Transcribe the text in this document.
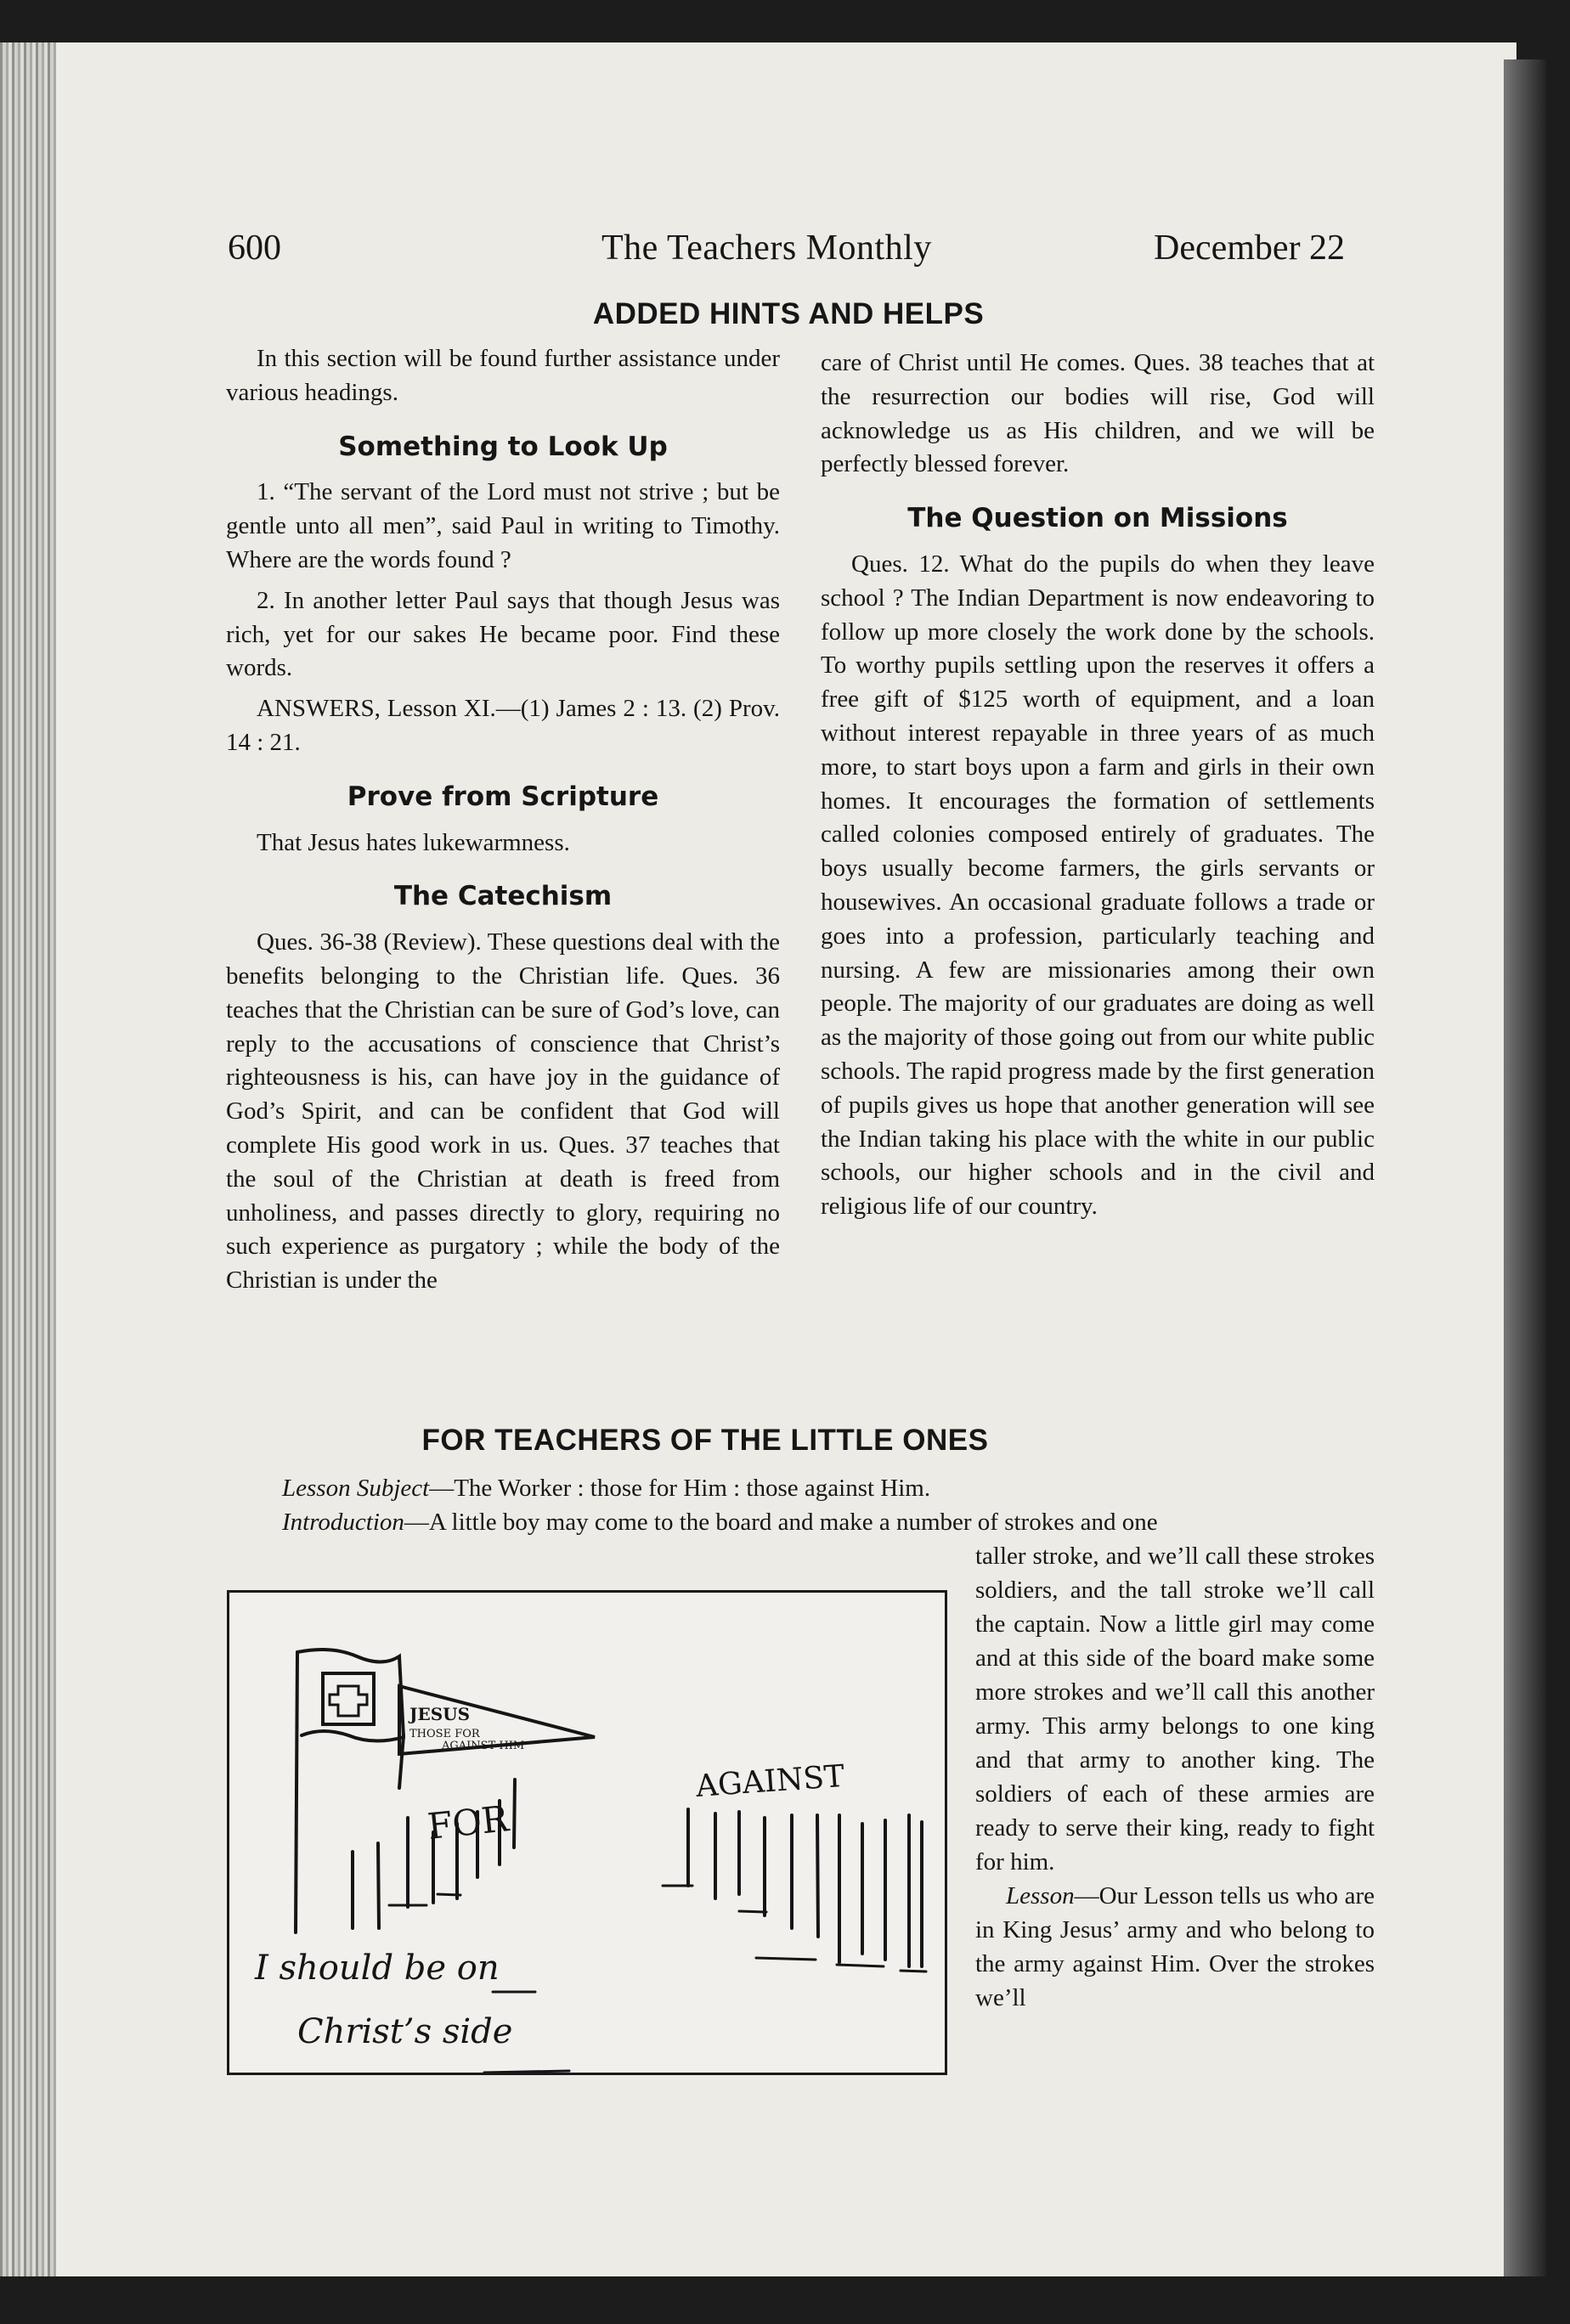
600	The Teachers Monthly	December 22
ADDED HINTS AND HELPS

In this section will be found further assistance under various headings.

Something to Look Up

1. “The servant of the Lord must not strive ; but be gentle unto all men”, said Paul in writing to Timothy. Where are the words found ?

2. In another letter Paul says that though Jesus was rich, yet for our sakes He became poor. Find these words.

ANSWERS, Lesson XI.—(1) James 2 : 13. (2) Prov. 14 : 21.

Prove from Scripture

That Jesus hates lukewarmness.

The Catechism

Ques. 36-38 (Review). These questions deal with the benefits belonging to the Christian life. Ques. 36 teaches that the Christian can be sure of God’s love, can reply to the accusations of conscience that Christ’s righteousness is his, can have joy in the guidance of God’s Spirit, and can be confident that God will complete His good work in us. Ques. 37 teaches that the soul of the Christian at death is freed from unholiness, and passes directly to glory, requiring no such experience as purgatory ; while the body of the Christian is under the

care of Christ until He comes. Ques. 38 teaches that at the resurrection our bodies will rise, God will acknowledge us as His children, and we will be perfectly blessed forever.

The Question on Missions

Ques. 12. What do the pupils do when they leave school ? The Indian Department is now endeavoring to follow up more closely the work done by the schools. To worthy pupils settling upon the reserves it offers a free gift of $125 worth of equipment, and a loan without interest repayable in three years of as much more, to start boys upon a farm and girls in their own homes. It encourages the formation of settlements called colonies composed entirely of graduates. The boys usually become farmers, the girls servants or housewives. An occasional graduate follows a trade or goes into a profession, particularly teaching and nursing. A few are missionaries among their own people. The majority of our graduates are doing as well as the majority of those going out from our white public schools. The rapid progress made by the first generation of pupils gives us hope that another generation will see the Indian taking his place with the white in our public schools, our higher schools and in the civil and religious life of our country.

FOR TEACHERS OF THE LITTLE ONES
Lesson Subject—The Worker : those for Him : those against Him.
Introduction—A little boy may come to the board and make a number of strokes and one

taller stroke, and we’ll call these strokes soldiers, and the tall stroke we’ll call the captain. Now a little girl may come and at this side of the board make some more strokes and we’ll call this another army. This army belongs to one king and that army to another king. The soldiers of each of these armies are ready to serve their king, ready to fight for him.

Lesson—Our Lesson tells us who are in King Jesus’ army and who belong to the army against Him. Over the strokes we’ll

JESUS
THOSE FOR
AGAINST HIM
FOR
AGAINST
I should be on
Christ’s side
